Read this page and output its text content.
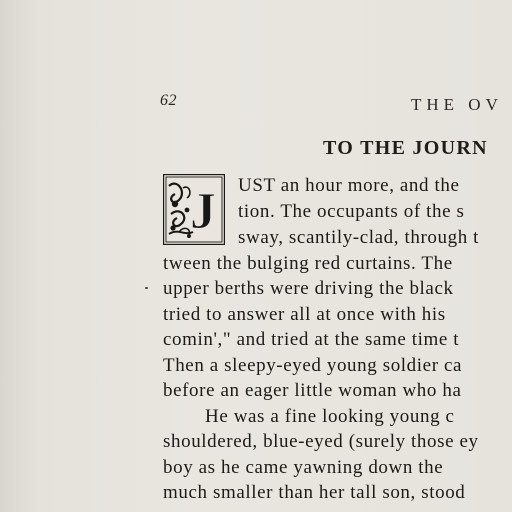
62	THE OV
TO THE JOURN
J UST an hour more, and the
tion. The occupants of the s
sway, scantily-clad, through t
tween the bulging red curtains. The
upper berths were driving the black
tried to answer all at once with his
comin'," and tried at the same time t
Then a sleepy-eyed young soldier ca
before an eager little woman who ha
He was a fine looking young c
shouldered, blue-eyed (surely those ey
boy as he came yawning down the
much smaller than her tall son, stood
